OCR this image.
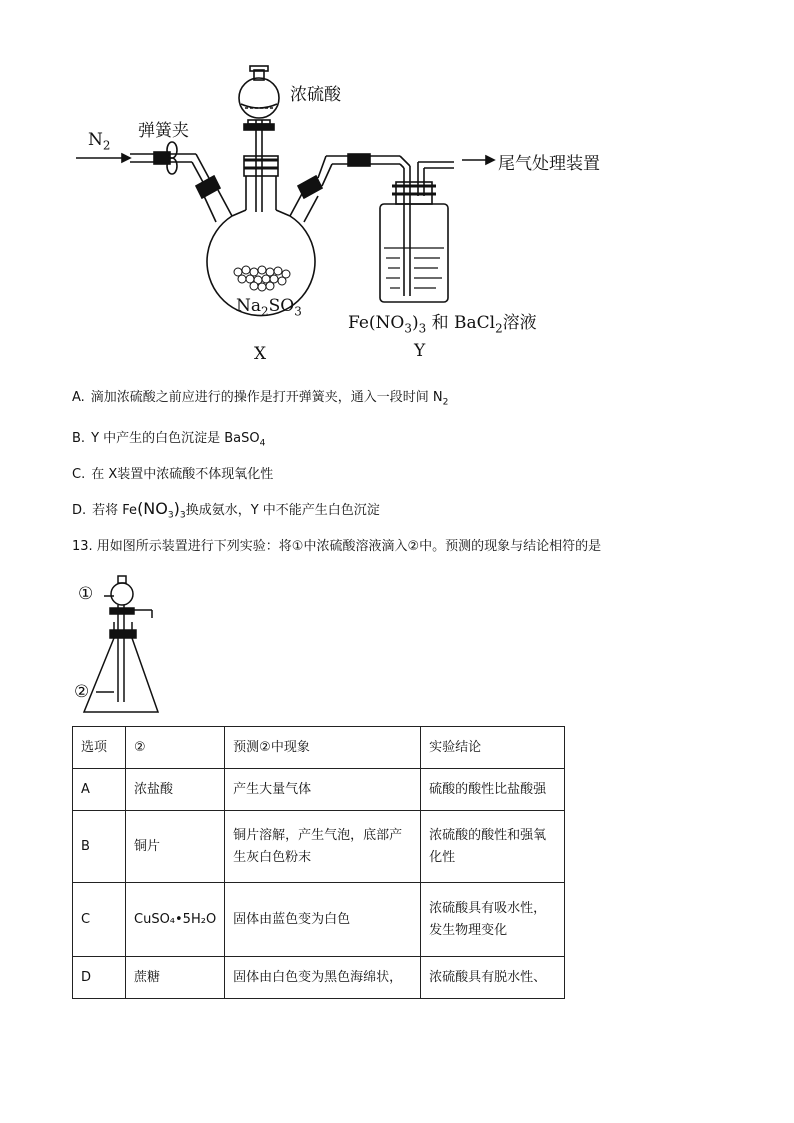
$N_2$
弹簧夹
浓硫酸
尾气处理装置
$Na_2SO_3$
$Fe(NO_3)_3$ 和 BaCl$_2$溶液
X	Y
A. 滴加浓硫酸之前应进行的操作是打开弹簧夹，通入一段时间 $N_2$
B. Y 中产生的白色沉淀是 BaSO$_4$
C. 在 X装置中浓硫酸不体现氧化性
D. 若将 $Fe(NO_3)_3$换成氨水，Y 中不能产生白色沉淀
13. 用如图所示装置进行下列实验：将①中浓硫酸溶液滴入②中。预测的现象与结论相符的是
①
②
选项	②	预测②中现象	实验结论
A	浓盐酸	产生大量气体	硫酸的酸性比盐酸强
B	铜片	铜片溶解，产生气泡，底部产生灰白色粉末	浓硫酸的酸性和强氧化性
C	CuSO₄•5H₂O	固体由蓝色变为白色	浓硫酸具有吸水性，发生物理变化
D	蔗糖	固体由白色变为黑色海绵状，	浓硫酸具有脱水性、
